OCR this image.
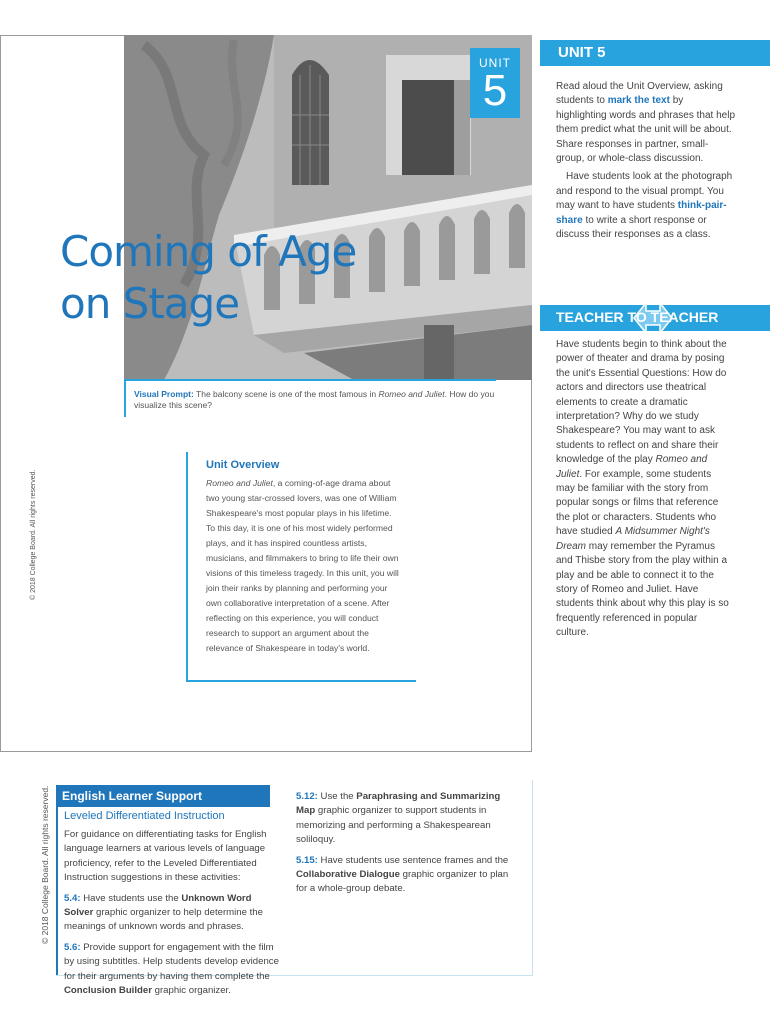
UNIT
5
Coming of Age
on Stage
Visual Prompt: The balcony scene is one of the most famous in Romeo and Juliet. How do you visualize this scene?
Unit Overview
Romeo and Juliet, a coming-of-age drama about two young star-crossed lovers, was one of William Shakespeare's most popular plays in his lifetime. To this day, it is one of his most widely performed plays, and it has inspired countless artists, musicians, and filmmakers to bring to life their own visions of this timeless tragedy. In this unit, you will join their ranks by planning and performing your own collaborative interpretation of a scene. After reflecting on this experience, you will conduct research to support an argument about the relevance of Shakespeare in today's world.
© 2018 College Board. All rights reserved.
UNIT 5

Read aloud the Unit Overview, asking students to mark the text by highlighting words and phrases that help them predict what the unit will be about. Share responses in partner, small-group, or whole-class discussion.

Have students look at the photograph and respond to the visual prompt. You may want to have students think-pair-share to write a short response or discuss their responses as a class.

TEACHER TO TEACHER
Have students begin to think about the power of theater and drama by posing the unit's Essential Questions: How do actors and directors use theatrical elements to create a dramatic interpretation? Why do we study Shakespeare? You may want to ask students to reflect on and share their knowledge of the play Romeo and Juliet. For example, some students may be familiar with the story from popular songs or films that reference the plot or characters. Students who have studied A Midsummer Night's Dream may remember the Pyramus and Thisbe story from the play within a play and be able to connect it to the story of Romeo and Juliet. Have students think about why this play is so frequently referenced in popular culture.
English Learner Support
Leveled Differentiated Instruction

For guidance on differentiating tasks for English language learners at various levels of language proficiency, refer to the Leveled Differentiated Instruction suggestions in these activities:

5.4: Have students use the Unknown Word Solver graphic organizer to help determine the meanings of unknown words and phrases.

5.6: Provide support for engagement with the film by using subtitles. Help students develop evidence for their arguments by having them complete the Conclusion Builder graphic organizer.

5.12: Use the Paraphrasing and Summarizing Map graphic organizer to support students in memorizing and performing a Shakespearean soliloquy.

5.15: Have students use sentence frames and the Collaborative Dialogue graphic organizer to plan for a whole-group debate.

© 2018 College Board. All rights reserved.
